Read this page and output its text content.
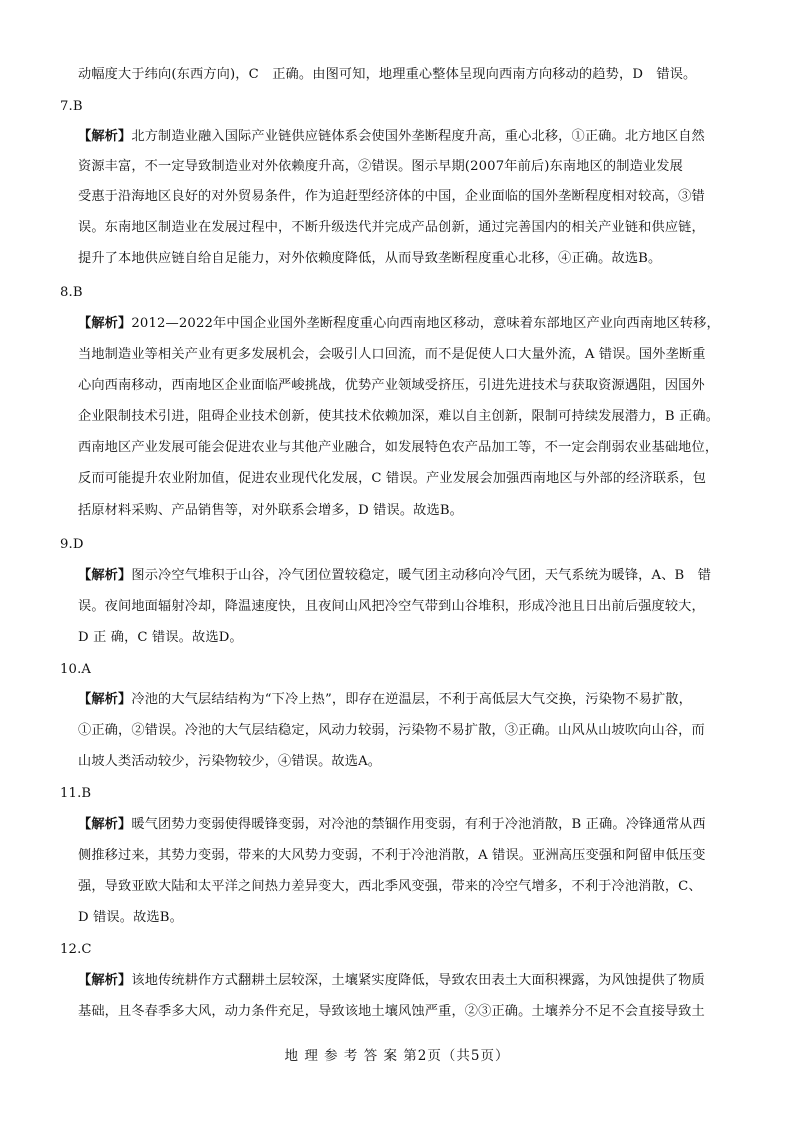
动幅度大于纬向(东西方向)，C　正确。由图可知，地理重心整体呈现向西南方向移动的趋势，D　错误。
7.B
【解析】北方制造业融入国际产业链供应链体系会使国外垄断程度升高，重心北移，①正确。北方地区自然
资源丰富，不一定导致制造业对外依赖度升高，②错误。图示早期(2007年前后)东南地区的制造业发展
受惠于沿海地区良好的对外贸易条件，作为追赶型经济体的中国，企业面临的国外垄断程度相对较高，③错
误。东南地区制造业在发展过程中，不断升级迭代并完成产品创新，通过完善国内的相关产业链和供应链，
提升了本地供应链自给自足能力，对外依赖度降低，从而导致垄断程度重心北移，④正确。故选B。
8.B
【解析】2012—2022年中国企业国外垄断程度重心向西南地区移动，意味着东部地区产业向西南地区转移，
当地制造业等相关产业有更多发展机会，会吸引人口回流，而不是促使人口大量外流，A 错误。国外垄断重
心向西南移动，西南地区企业面临严峻挑战，优势产业领域受挤压，引进先进技术与获取资源遇阻，因国外
企业限制技术引进，阻碍企业技术创新，使其技术依赖加深，难以自主创新，限制可持续发展潜力，B 正确。
西南地区产业发展可能会促进农业与其他产业融合，如发展特色农产品加工等，不一定会削弱农业基础地位，
反而可能提升农业附加值，促进农业现代化发展，C 错误。产业发展会加强西南地区与外部的经济联系，包
括原材料采购、产品销售等，对外联系会增多，D 错误。故选B。
9.D
【解析】图示冷空气堆积于山谷，冷气团位置较稳定，暖气团主动移向冷气团，天气系统为暖锋，A、B　错
误。夜间地面辐射冷却，降温速度快，且夜间山风把冷空气带到山谷堆积，形成冷池且日出前后强度较大，
D 正 确，C 错误。故选D。
10.A
【解析】冷池的大气层结结构为“下冷上热”，即存在逆温层，不利于高低层大气交换，污染物不易扩散，
①正确，②错误。冷池的大气层结稳定，风动力较弱，污染物不易扩散，③正确。山风从山坡吹向山谷，而
山坡人类活动较少，污染物较少，④错误。故选A。
11.B
【解析】暖气团势力变弱使得暖锋变弱，对冷池的禁锢作用变弱，有利于冷池消散，B 正确。冷锋通常从西
侧推移过来，其势力变弱，带来的大风势力变弱，不利于冷池消散，A 错误。亚洲高压变强和阿留申低压变
强，导致亚欧大陆和太平洋之间热力差异变大，西北季风变强，带来的冷空气增多，不利于冷池消散，C、
D 错误。故选B。
12.C
【解析】该地传统耕作方式翻耕土层较深，土壤紧实度降低，导致农田表土大面积裸露，为风蚀提供了物质
基础，且冬春季多大风，动力条件充足，导致该地土壤风蚀严重，②③正确。土壤养分不足不会直接导致土
地 理 参 考 答 案 第2页（共5页）
